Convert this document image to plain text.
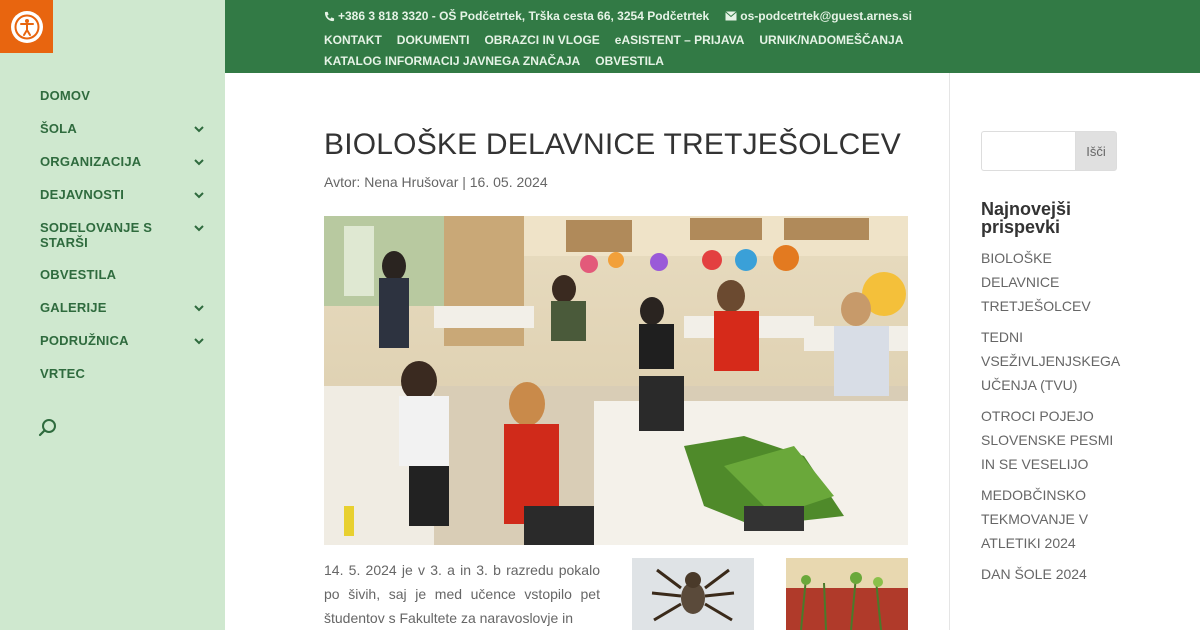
DOMOV
ŠOLA
ORGANIZACIJA
DEJAVNOSTI
SODELOVANJE S STARŠI
OBVESTILA
GALERIJE
PODRUŽNICA
VRTEC
+386 3 818 3320 - OŠ Podčetrtek, Trška cesta 66, 3254 Podčetrtek	os-podcetrtek@guest.arnes.si
KONTAKT DOKUMENTI OBRAZCI IN VLOGE eASISTENT – PRIJAVA URNIK/NADOMEŠČANJAKATALOG INFORMACIJ JAVNEGA ZNAČAJA OBVESTILA
BIOLOŠKE DELAVNICE TRETJEŠOLCEV
Avtor: Nena Hrušovar | 16. 05. 2024

14. 5. 2024 je v 3. a in 3. b razredu pokalo po šivih, saj je med učence vstopilo pet študentov s Fakultete za naravoslovje in

Išči
Najnovejši prispevki
BIOLOŠKE DELAVNICE TRETJEŠOLCEV
TEDNI VSEŽIVLJENJSKEGA UČENJA (TVU)
OTROCI POJEJO SLOVENSKE PESMI IN SE VESELIJO
MEDOBČINSKO TEKMOVANJE V ATLETIKI 2024
DAN ŠOLE 2024
